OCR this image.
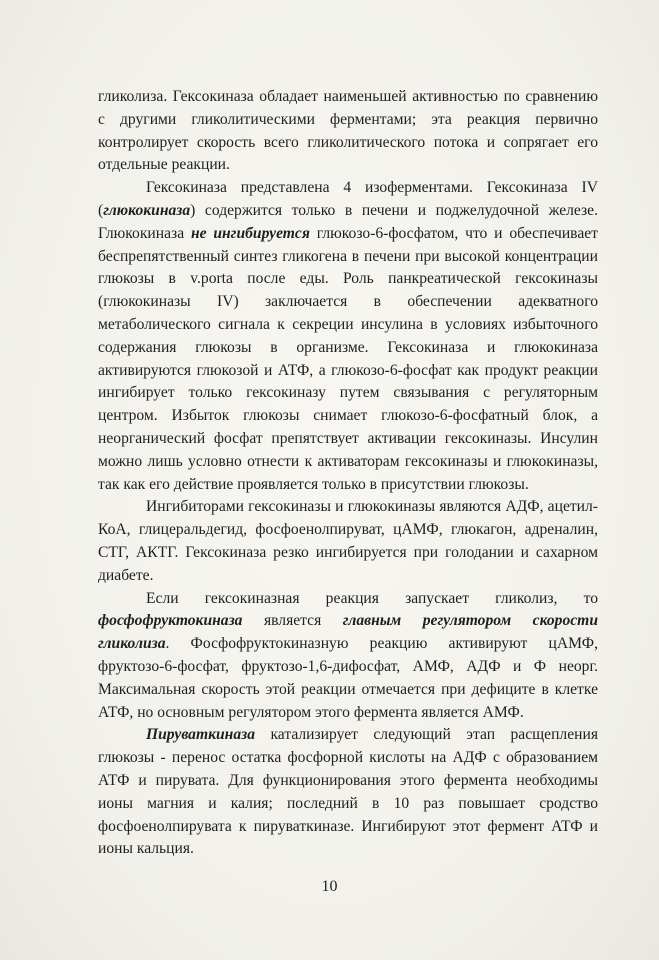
гликолиза. Гексокиназа обладает наименьшей активностью по сравнению с другими гликолитическими ферментами; эта реакция первично контролирует скорость всего гликолитического потока и сопрягает его отдельные реакции.

Гексокиназа представлена 4 изоферментами. Гексокиназа IV (глюкокиназа) содержится только в печени и поджелудочной железе. Глюкокиназа не ингибируется глюкозо-6-фосфатом, что и обеспечивает беспрепятственный синтез гликогена в печени при высокой концентрации глюкозы в v.porta после еды. Роль панкреатической гексокиназы (глюкокиназы IV) заключается в обеспечении адекватного метаболического сигнала к секреции инсулина в условиях избыточного содержания глюкозы в организме. Гексокиназа и глюкокиназа активируются глюкозой и АТФ, а глюкозо-6-фосфат как продукт реакции ингибирует только гексокиназу путем связывания с регуляторным центром. Избыток глюкозы снимает глюкозо-6-фосфатный блок, а неорганический фосфат препятствует активации гексокиназы. Инсулин можно лишь условно отнести к активаторам гексокиназы и глюкокиназы, так как его действие проявляется только в присутствии глюкозы.

Ингибиторами гексокиназы и глюкокиназы являются АДФ, ацетил-КоА, глицеральдегид, фосфоенолпируват, цАМФ, глюкагон, адреналин, СТГ, АКТГ. Гексокиназа резко ингибируется при голодании и сахарном диабете.

Если гексокиназная реакция запускает гликолиз, то фосфофруктокиназа является главным регулятором скорости гликолиза. Фосфофруктокиназную реакцию активируют цАМФ, фруктозо-6-фосфат, фруктозо-1,6-дифосфат, АМФ, АДФ и Ф неорг. Максимальная скорость этой реакции отмечается при дефиците в клетке АТФ, но основным регулятором этого фермента является АМФ.

Пируваткиназа катализирует следующий этап расщепления глюкозы - перенос остатка фосфорной кислоты на АДФ с образованием АТФ и пирувата. Для функционирования этого фермента необходимы ионы магния и калия; последний в 10 раз повышает сродство фосфоенолпирувата к пируваткиназе. Ингибируют этот фермент АТФ и ионы кальция.

10
